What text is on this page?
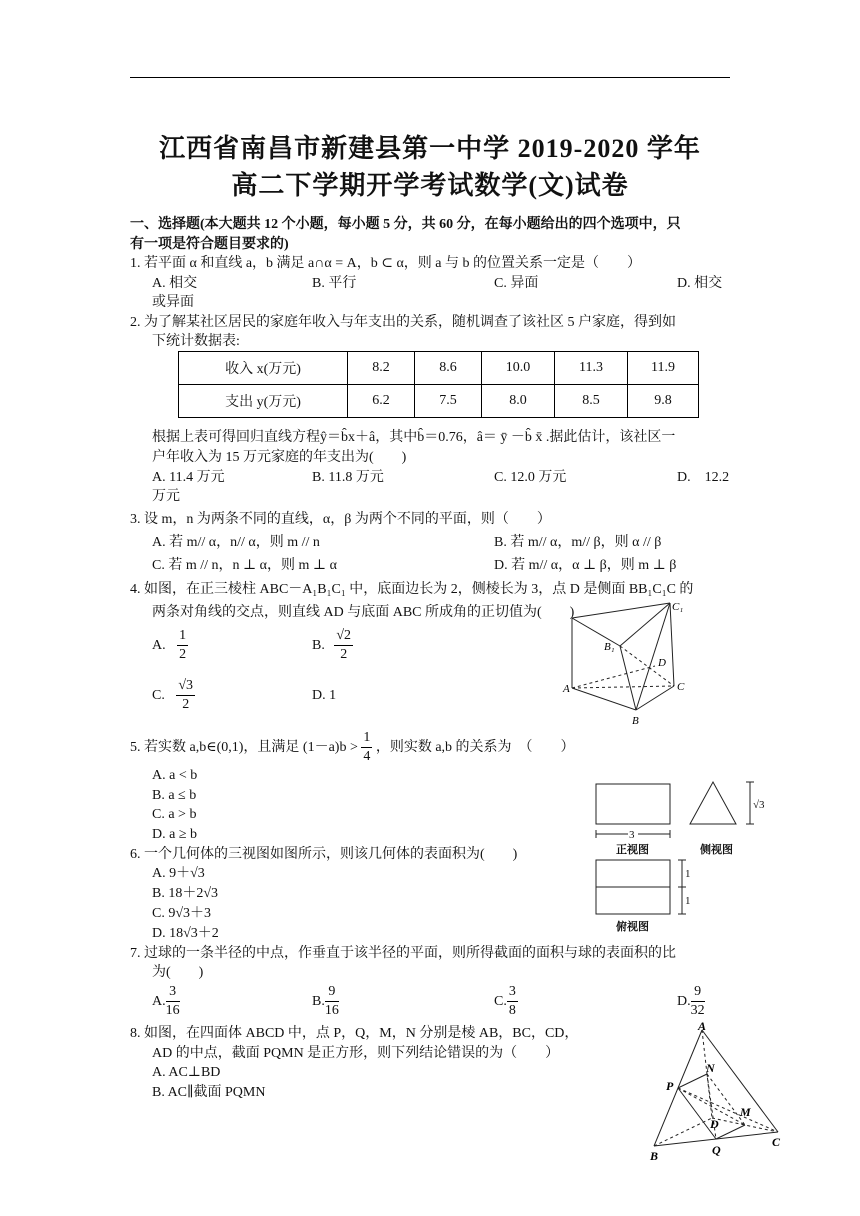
江西省南昌市新建县第一中学 2019-2020 学年
高二下学期开学考试数学(文)试卷
一、选择题(本大题共 12 个小题，每小题 5 分，共 60 分，在每小题给出的四个选项中，只
有一项是符合题目要求的)
1. 若平面 α 和直线 a，b 满足 a∩α = A，b ⊂ α，则 a 与 b 的位置关系一定是（　　）
A. 相交	B. 平行	C. 异面	D. 相交
或异面
2. 为了解某社区居民的家庭年收入与年支出的关系，随机调查了该社区 5 户家庭，得到如
下统计数据表:
收入 x(万元)	8.2	8.6	10.0	11.3	11.9
支出 y(万元)	6.2	7.5	8.0	8.5	9.8
根据上表可得回归直线方程ŷ＝b̂x＋â，其中b̂＝0.76，â＝ ȳ －b̂ x̄ .据此估计，该社区一
户年收入为 15 万元家庭的年支出为(　　)
A. 11.4 万元	B. 11.8 万元	C. 12.0 万元	D.　12.2
万元
3. 设 m，n 为两条不同的直线，α，β 为两个不同的平面，则（　　）
A. 若 m// α，n// α，则 m // n	B. 若 m// α，m// β，则 α // β
C. 若 m // n，n ⊥ α，则 m ⊥ α	D. 若 m// α，α ⊥ β，则 m ⊥ β
4. 如图，在正三棱柱 ABC－A₁B₁C₁ 中，底面边长为 2，侧棱长为 3，点 D 是侧面 BB₁C₁C 的
两条对角线的交点，则直线 AD 与底面 ABC 所成角的正切值为(　　)
A. $\frac{1}{2}$	B. $\frac{√2}{2}$
C. $\frac{√3}{2}$	D. 1
C₁
B₁
D
A	C
B
5. 若实数 a,b∈(0,1)，且满足 $(1-a)b > \frac{1}{4}$ ，则实数 a,b 的关系为　（　　）
A. a < b
B. a ≤ b
C. a > b
D. a ≥ b
6. 一个几何体的三视图如图所示，则该几何体的表面积为(　　)
A. 9＋√3
B. 18＋2√3
C. 9√3＋3
D. 18√3＋2
3
√3
1
1
正视图	侧视图
俯视图
7. 过球的一条半径的中点，作垂直于该半径的平面，则所得截面的面积与球的表面积的比
为(　　)
A. $\frac{3}{16}$	B. $\frac{9}{16}$	C. $\frac{3}{8}$	D. $\frac{9}{32}$
8. 如图，在四面体 ABCD 中，点 P，Q，M，N 分别是棱 AB，BC，CD，
AD 的中点，截面 PQMN 是正方形，则下列结论错误的为（　　）
A. AC⊥BD
B. AC∥截面 PQMN
A
N
P
M
D
C
B	Q
